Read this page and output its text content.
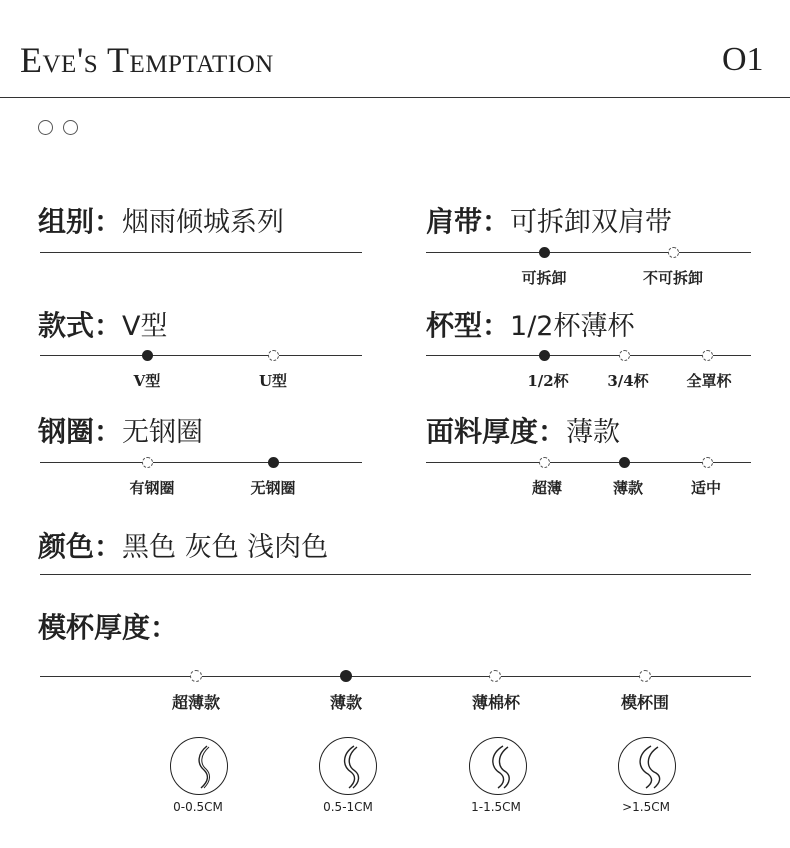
Eve's Temptation	O1
组别：烟雨倾城系列	肩带：可拆卸双肩带
可拆卸	不可拆卸
款式：V型
V型	U型
杯型：1/2杯薄杯
1/2杯	3/4杯	全罩杯
钢圈：无钢圈
有钢圈	无钢圈
面料厚度：薄款
超薄	薄款	适中
颜色：黑色 灰色 浅肉色
模杯厚度：
超薄款	薄款	薄棉杯	模杯围
0-0.5CM	0.5-1CM	1-1.5CM	>1.5CM
